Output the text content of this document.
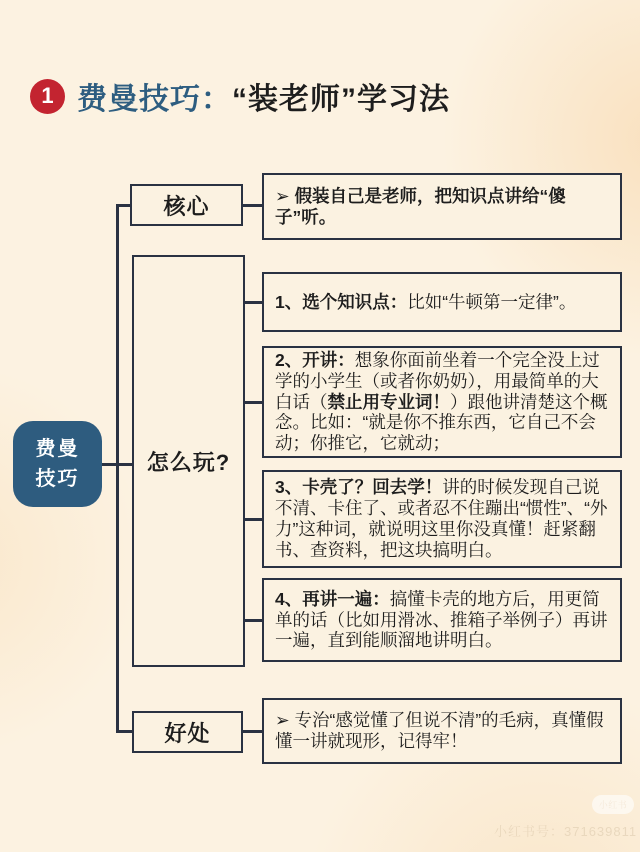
1 费曼技巧：“装老师”学习法
费曼
技巧
核心
怎么玩?
好处

➢ 假装自己是老师，把知识点讲给“傻子”听。

1、选个知识点：比如“牛顿第一定律”。

2、开讲：想象你面前坐着一个完全没上过学的小学生（或者你奶奶），用最简单的大白话（禁止用专业词！）跟他讲清楚这个概念。比如：“就是你不推东西，它自己不会动；你推它，它就动；

3、卡壳了？回去学！讲的时候发现自己说不清、卡住了、或者忍不住蹦出“惯性”、“外力”这种词，就说明这里你没真懂！赶紧翻书、查资料，把这块搞明白。

4、再讲一遍：搞懂卡壳的地方后，用更简单的话（比如用滑冰、推箱子举例子）再讲一遍，直到能顺溜地讲明白。

➢ 专治“感觉懂了但说不清”的毛病，真懂假懂一讲就现形，记得牢！

小红书
小红书号：371639811
